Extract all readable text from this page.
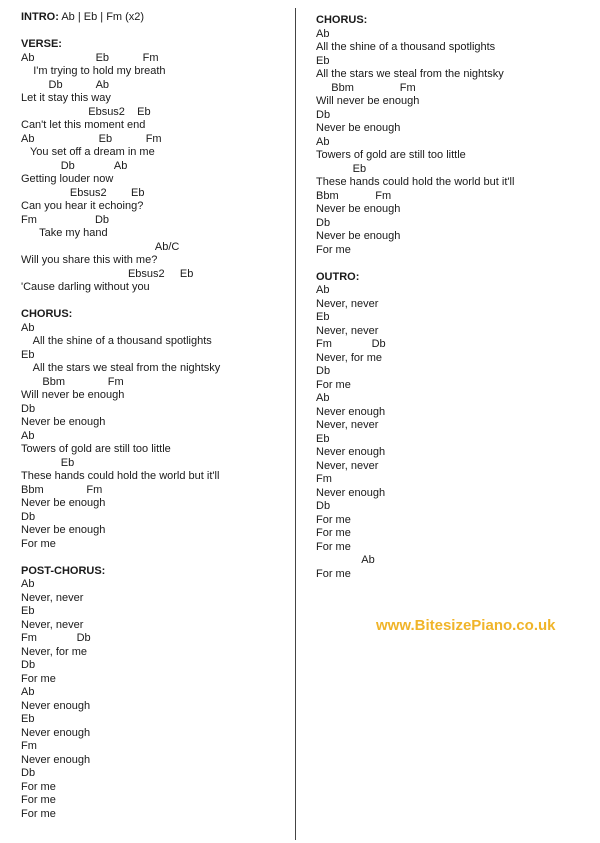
INTRO: Ab | Eb | Fm (x2)
VERSE:
Ab                    Eb           Fm
I'm trying to hold my breath
Db           Ab
Let it stay this way
Ebsus2    Eb
Can't let this moment end
Ab                     Eb           Fm
You set off a dream in me
Db             Ab
Getting louder now
Ebsus2        Eb
Can you hear it echoing?
Fm                   Db
Take my hand
Ab/C
Will you share this with me?
Ebsus2     Eb
'Cause darling without you
CHORUS:
Ab
All the shine of a thousand spotlights
Eb
All the stars we steal from the nightsky
Bbm              Fm
Will never be enough
Db
Never be enough
Ab
Towers of gold are still too little
Eb
These hands could hold the world but it'll
Bbm              Fm
Never be enough
Db
Never be enough
For me
POST-CHORUS:
Ab
Never, never
Eb
Never, never
Fm             Db
Never, for me
Db
For me
Ab
Never enough
Eb
Never enough
Fm
Never enough
Db
For me
For me
For me
CHORUS:
Ab
All the shine of a thousand spotlights
Eb
All the stars we steal from the nightsky
Bbm               Fm
Will never be enough
Db
Never be enough
Ab
Towers of gold are still too little
Eb
These hands could hold the world but it'll
Bbm            Fm
Never be enough
Db
Never be enough
For me
OUTRO:
Ab
Never, never
Eb
Never, never
Fm             Db
Never, for me
Db
For me
Ab
Never enough
Never, never
Eb
Never enough
Never, never
Fm
Never enough
Db
For me
For me
For me
Ab
For me
www.BitesizePiano.co.uk
